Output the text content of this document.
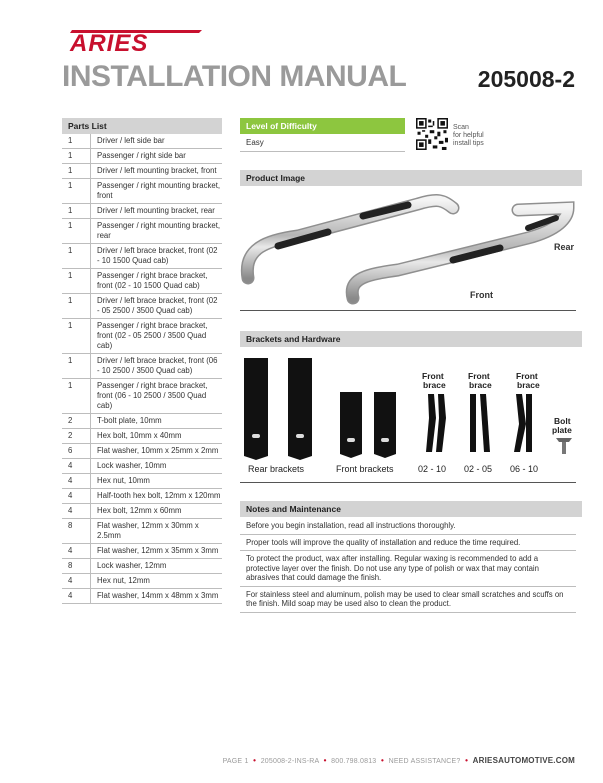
ARIES
INSTALLATION MANUAL	205008-2
Parts List
1	Driver / left side bar
1	Passenger / right side bar
1	Driver / left mounting bracket, front
1	Passenger / right mounting bracket, front
1	Driver / left mounting bracket, rear
1	Passenger / right mounting bracket, rear
1	Driver / left brace bracket, front (02 - 10 1500 Quad cab)
1	Passenger / right brace bracket, front (02 - 10 1500 Quad cab)
1	Driver / left brace bracket, front (02 - 05 2500 / 3500 Quad cab)
1	Passenger / right brace bracket, front (02 - 05 2500 / 3500 Quad cab)
1	Driver / left brace bracket, front (06 - 10 2500 / 3500 Quad cab)
1	Passenger / right brace bracket, front (06 - 10 2500 / 3500 Quad cab)
2	T-bolt plate, 10mm
2	Hex bolt, 10mm x 40mm
6	Flat washer, 10mm x 25mm x 2mm
4	Lock washer, 10mm
4	Hex nut, 10mm
4	Half-tooth hex bolt, 12mm x 120mm
4	Hex bolt, 12mm x 60mm
8	Flat washer, 12mm x 30mm x 2.5mm
4	Flat washer, 12mm x 35mm x 3mm
8	Lock washer, 12mm
4	Hex nut, 12mm
4	Flat washer, 14mm x 48mm x 3mm
Level of Difficulty
Easy
Scan
for helpful
install tips
Product Image
Rear
Front
Brackets and Hardware
Rear brackets	Front brackets
Front
brace
Front
brace
Front
brace
Bolt
plate
02 - 10 02 - 05 06 - 10
Notes and Maintenance

Before you begin installation, read all instructions thoroughly.

Proper tools will improve the quality of installation and reduce the time required.

To protect the product, wax after installing. Regular waxing is recommended to add a protective layer over the finish. Do not use any type of polish or wax that may contain abrasives that could damage the finish.

For stainless steel and aluminum, polish may be used to clear small scratches and scuffs on the finish. Mild soap may be used also to clean the product.

PAGE 1  •  205008-2-INS-RA  •  800.798.0813  •  NEED ASSISTANCE?  •  ARIESAUTOMOTIVE.COM
